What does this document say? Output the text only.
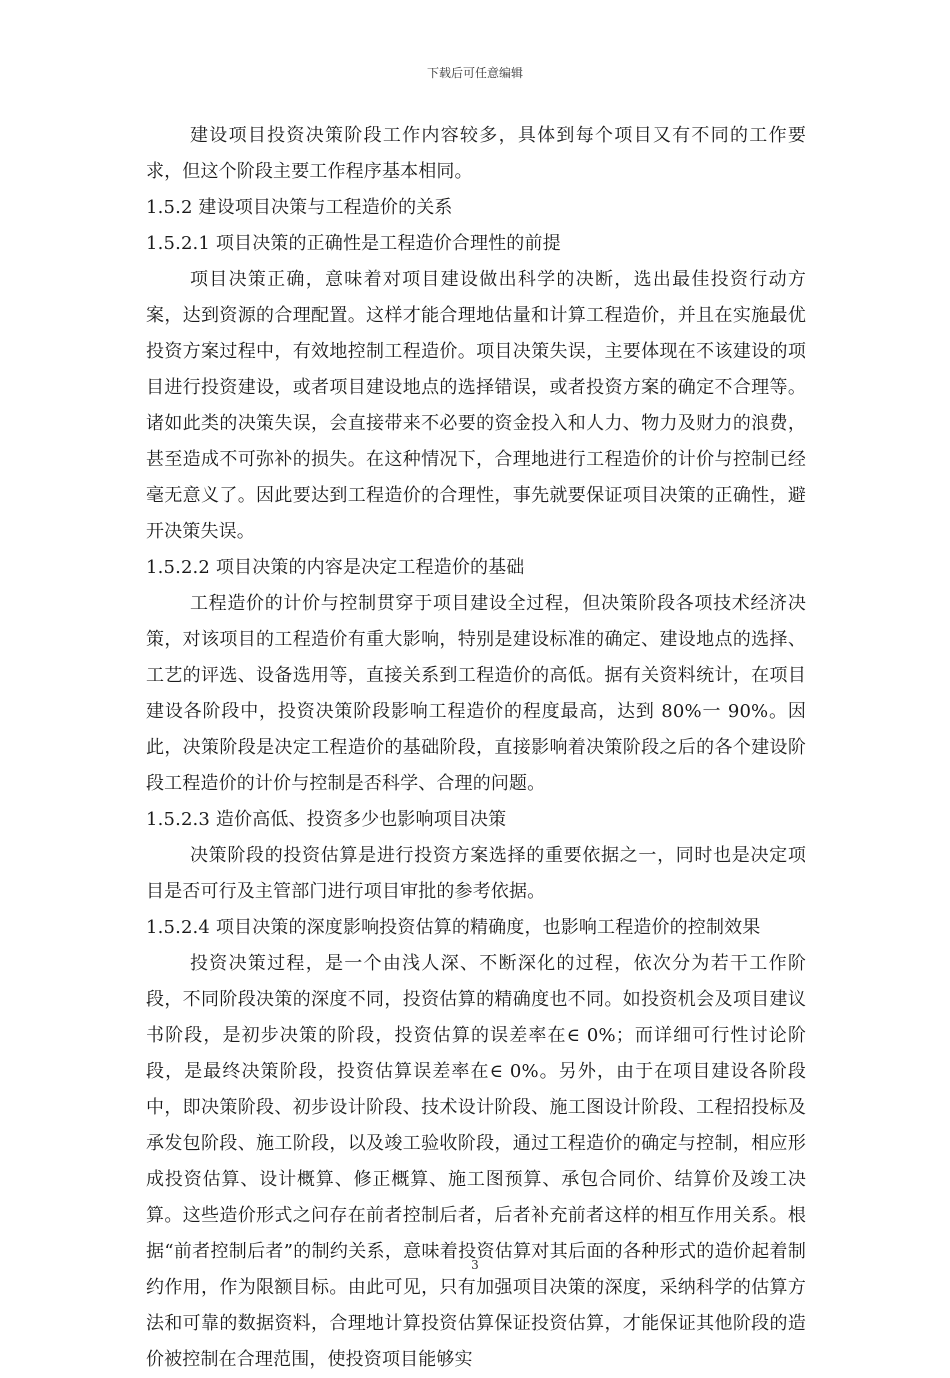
下载后可任意编辑

建设项目投资决策阶段工作内容较多，具体到每个项目又有不同的工作要求，但这个阶段主要工作程序基本相同。

1.5.2 建设项目决策与工程造价的关系

1.5.2.1 项目决策的正确性是工程造价合理性的前提

项目决策正确，意味着对项目建设做出科学的决断，选出最佳投资行动方案，达到资源的合理配置。这样才能合理地估量和计算工程造价，并且在实施最优投资方案过程中，有效地控制工程造价。项目决策失误，主要体现在不该建设的项目进行投资建设，或者项目建设地点的选择错误，或者投资方案的确定不合理等。诸如此类的决策失误，会直接带来不必要的资金投入和人力、物力及财力的浪费，甚至造成不可弥补的损失。在这种情况下，合理地进行工程造价的计价与控制已经毫无意义了。因此要达到工程造价的合理性，事先就要保证项目决策的正确性，避开决策失误。

1.5.2.2 项目决策的内容是决定工程造价的基础

工程造价的计价与控制贯穿于项目建设全过程，但决策阶段各项技术经济决策，对该项目的工程造价有重大影响，特别是建设标准的确定、建设地点的选择、工艺的评选、设备选用等，直接关系到工程造价的高低。据有关资料统计，在项目建设各阶段中，投资决策阶段影响工程造价的程度最高，达到 80%一 90%。因此，决策阶段是决定工程造价的基础阶段，直接影响着决策阶段之后的各个建设阶段工程造价的计价与控制是否科学、合理的问题。

1.5.2.3 造价高低、投资多少也影响项目决策

决策阶段的投资估算是进行投资方案选择的重要依据之一，同时也是决定项目是否可行及主管部门进行项目审批的参考依据。

1.5.2.4 项目决策的深度影响投资估算的精确度，也影响工程造价的控制效果

投资决策过程，是一个由浅人深、不断深化的过程，依次分为若干工作阶段，不同阶段决策的深度不同，投资估算的精确度也不同。如投资机会及项目建议书阶段，是初步决策的阶段，投资估算的误差率在∈ 0%；而详细可行性讨论阶段，是最终决策阶段，投资估算误差率在∈ 0%。另外，由于在项目建设各阶段中，即决策阶段、初步设计阶段、技术设计阶段、施工图设计阶段、工程招投标及承发包阶段、施工阶段，以及竣工验收阶段，通过工程造价的确定与控制，相应形成投资估算、设计概算、修正概算、施工图预算、承包合同价、结算价及竣工决算。这些造价形式之问存在前者控制后者，后者补充前者这样的相互作用关系。根据“前者控制后者”的制约关系，意味着投资估算对其后面的各种形式的造价起着制约作用，作为限额目标。由此可见，只有加强项目决策的深度，采纳科学的估算方法和可靠的数据资料，合理地计算投资估算保证投资估算，才能保证其他阶段的造价被控制在合理范围，使投资项目能够实

3
